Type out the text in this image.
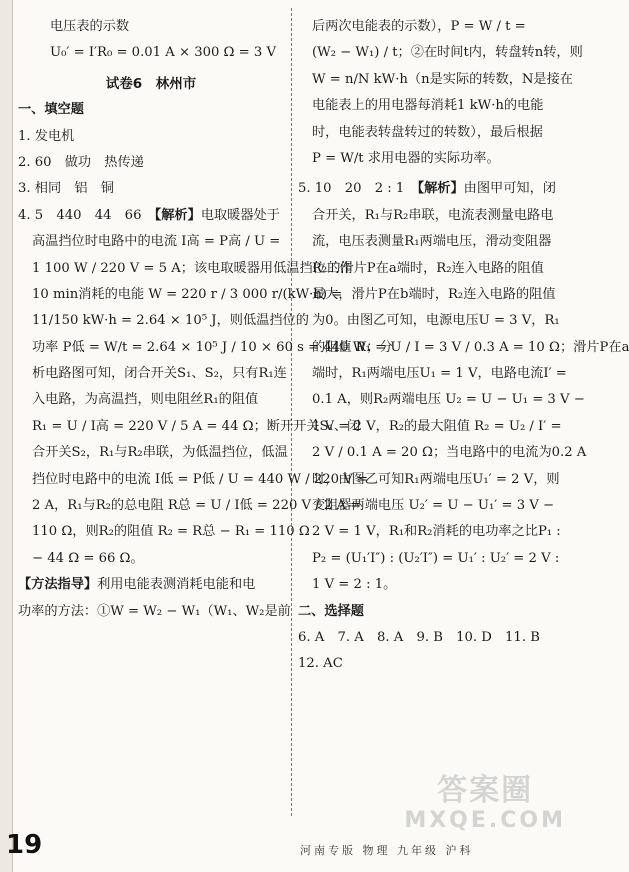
电压表的示数
U₀′ = I′R₀ = 0.01 A × 300 Ω = 3 V
试卷6　林州市
一、填空题
1. 发电机
2. 60　做功　热传递
3. 相同　铝　铜
4. 5　440　44　66　【解析】电取暖器处于
高温挡位时电路中的电流 I高 = P高 / U =
1 100 W / 220 V = 5 A；该电取暖器用低温挡位工作
10 min消耗的电能 W = 220 r / 3 000 r/(kW·h) =
11/150 kW·h = 2.64 × 10⁵ J，则低温挡位的
功率 P低 = W/t = 2.64 × 10⁵ J / 10 × 60 s = 440 W；分
析电路图可知，闭合开关S₁、S₂，只有R₁连
入电路，为高温挡，则电阻丝R₁的阻值
R₁ = U / I高 = 220 V / 5 A = 44 Ω；断开开关S₁、闭
合开关S₂，R₁与R₂串联，为低温挡位，低温
挡位时电路中的电流 I低 = P低 / U = 440 W / 220 V =
2 A，R₁与R₂的总电阻 R总 = U / I低 = 220 V / 2 A =
110 Ω，则R₂的阻值 R₂ = R总 − R₁ = 110 Ω
− 44 Ω = 66 Ω。
【方法指导】利用电能表测消耗电能和电
功率的方法：①W = W₂ − W₁（W₁、W₂是前
后两次电能表的示数），P = W / t =
(W₂ − W₁) / t；②在时间t内，转盘转n转，则
W = n/N kW·h（n是实际的转数，N是接在
电能表上的用电器每消耗1 kW·h的电能
时，电能表转盘转过的转数），最后根据
P = W/t 求用电器的实际功率。
5. 10　20　2 : 1　【解析】由图甲可知，闭
合开关，R₁与R₂串联，电流表测量电路电
流，电压表测量R₁两端电压，滑动变阻器
R₂的滑片P在a端时，R₂连入电路的阻值
最大，滑片P在b端时，R₂连入电路的阻值
为0。由图乙可知，电源电压U = 3 V，R₁
的阻值 R₁ = U / I = 3 V / 0.3 A = 10 Ω；滑片P在a
端时，R₁两端电压U₁ = 1 V，电路电流I′ =
0.1 A，则R₂两端电压 U₂ = U − U₁ = 3 V −
1 V = 2 V，R₂的最大阻值 R₂ = U₂ / I′ =
2 V / 0.1 A = 20 Ω；当电路中的电流为0.2 A
时，由图乙可知R₁两端电压U₁′ = 2 V，则
变阻器两端电压 U₂′ = U − U₁′ = 3 V −
2 V = 1 V，R₁和R₂消耗的电功率之比P₁ :
P₂ = (U₁′I″) : (U₂′I″) = U₁′ : U₂′ = 2 V :
1 V = 2 : 1。
二、选择题
6. A　7. A　8. A　9. B　10. D　11. B
12. AC
19	河南专版 物理 九年级 沪科
答案圈
MXQE.COM
